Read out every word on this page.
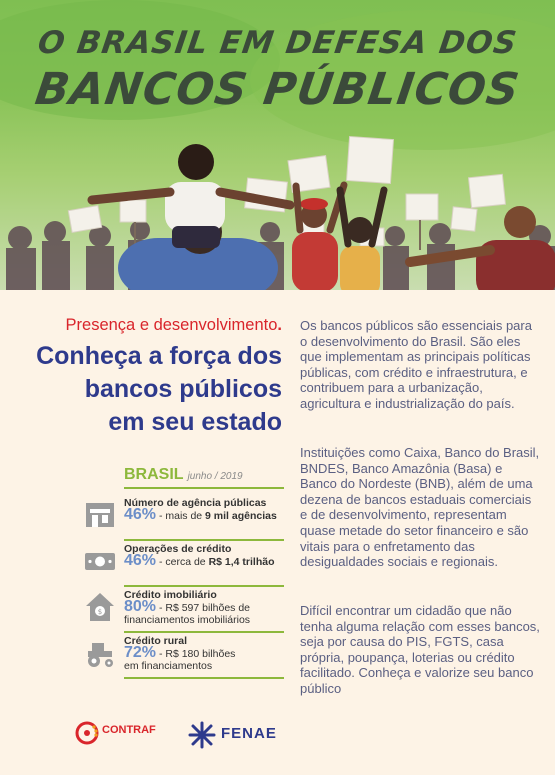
O BRASIL EM DEFESA DOS
BANCOS PÚBLICOS
Presença e desenvolvimento.
Conheça a força dos
bancos públicos
em seu estado
BRASIL junho / 2019
Número de agência públicas
46% - mais de 9 mil agências
Operações de crédito
46% - cerca de R$ 1,4 trilhão
$
Crédito imobiliário
80% - R$ 597 bilhões de
financiamentos imobiliários
Crédito rural
72% - R$ 180 bilhões
em financiamentos
Os bancos públicos são essenciais para o desenvolvimento do Brasil. São eles que implementam as principais políticas públicas, com crédito e infraestrutura, e contribuem para a urbanização, agricultura e industrialização do país.
Instituições como Caixa, Banco do Brasil, BNDES, Banco Amazônia (Basa) e Banco do Nordeste (BNB), além de uma dezena de bancos estaduais comerciais e de desenvolvimento, representam quase metade do setor financeiro e são vitais para o enfretamento das desigualdades sociais e regionais.
Difícil encontrar um cidadão que não tenha alguma relação com esses bancos, seja por causa do PIS, FGTS, casa própria, poupança, loterias ou crédito facilitado. Conheça e valorize seu banco público
CONTRAF	FENAE
